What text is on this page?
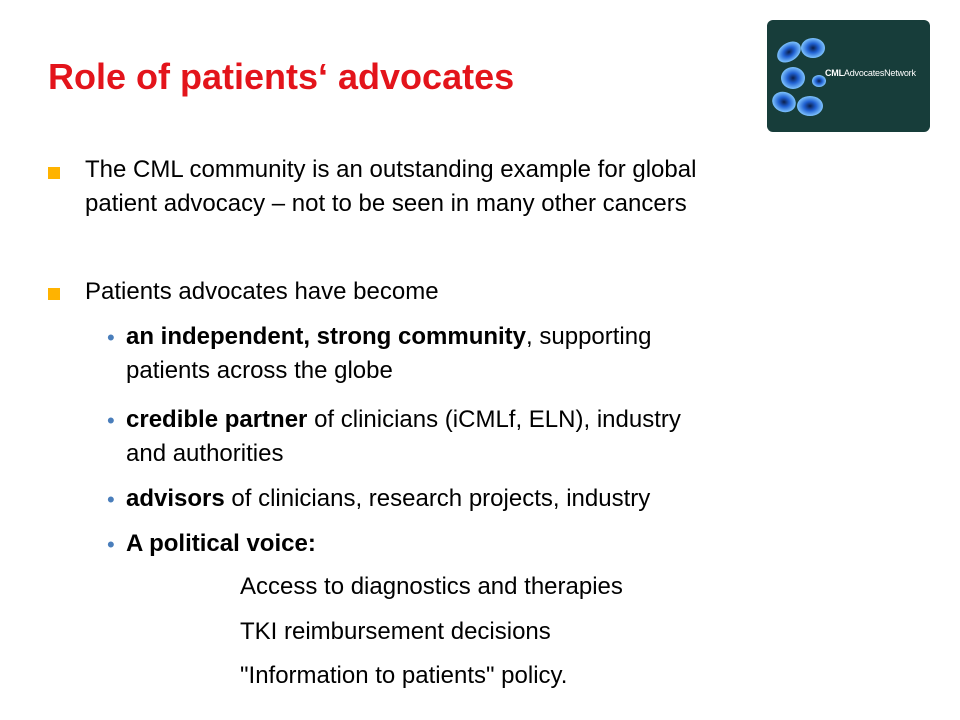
Role of patients‘ advocates	CMLAdvocatesNetwork
The CML community is an outstanding example for global
patient advocacy – not to be seen in many other cancers
Patients advocates have become
• an independent, strong community, supporting
patients across the globe
• credible partner of clinicians (iCMLf, ELN), industry
and authorities
• advisors of clinicians, research projects, industry
• A political voice:
Access to diagnostics and therapies
TKI reimbursement decisions
"Information to patients" policy.
